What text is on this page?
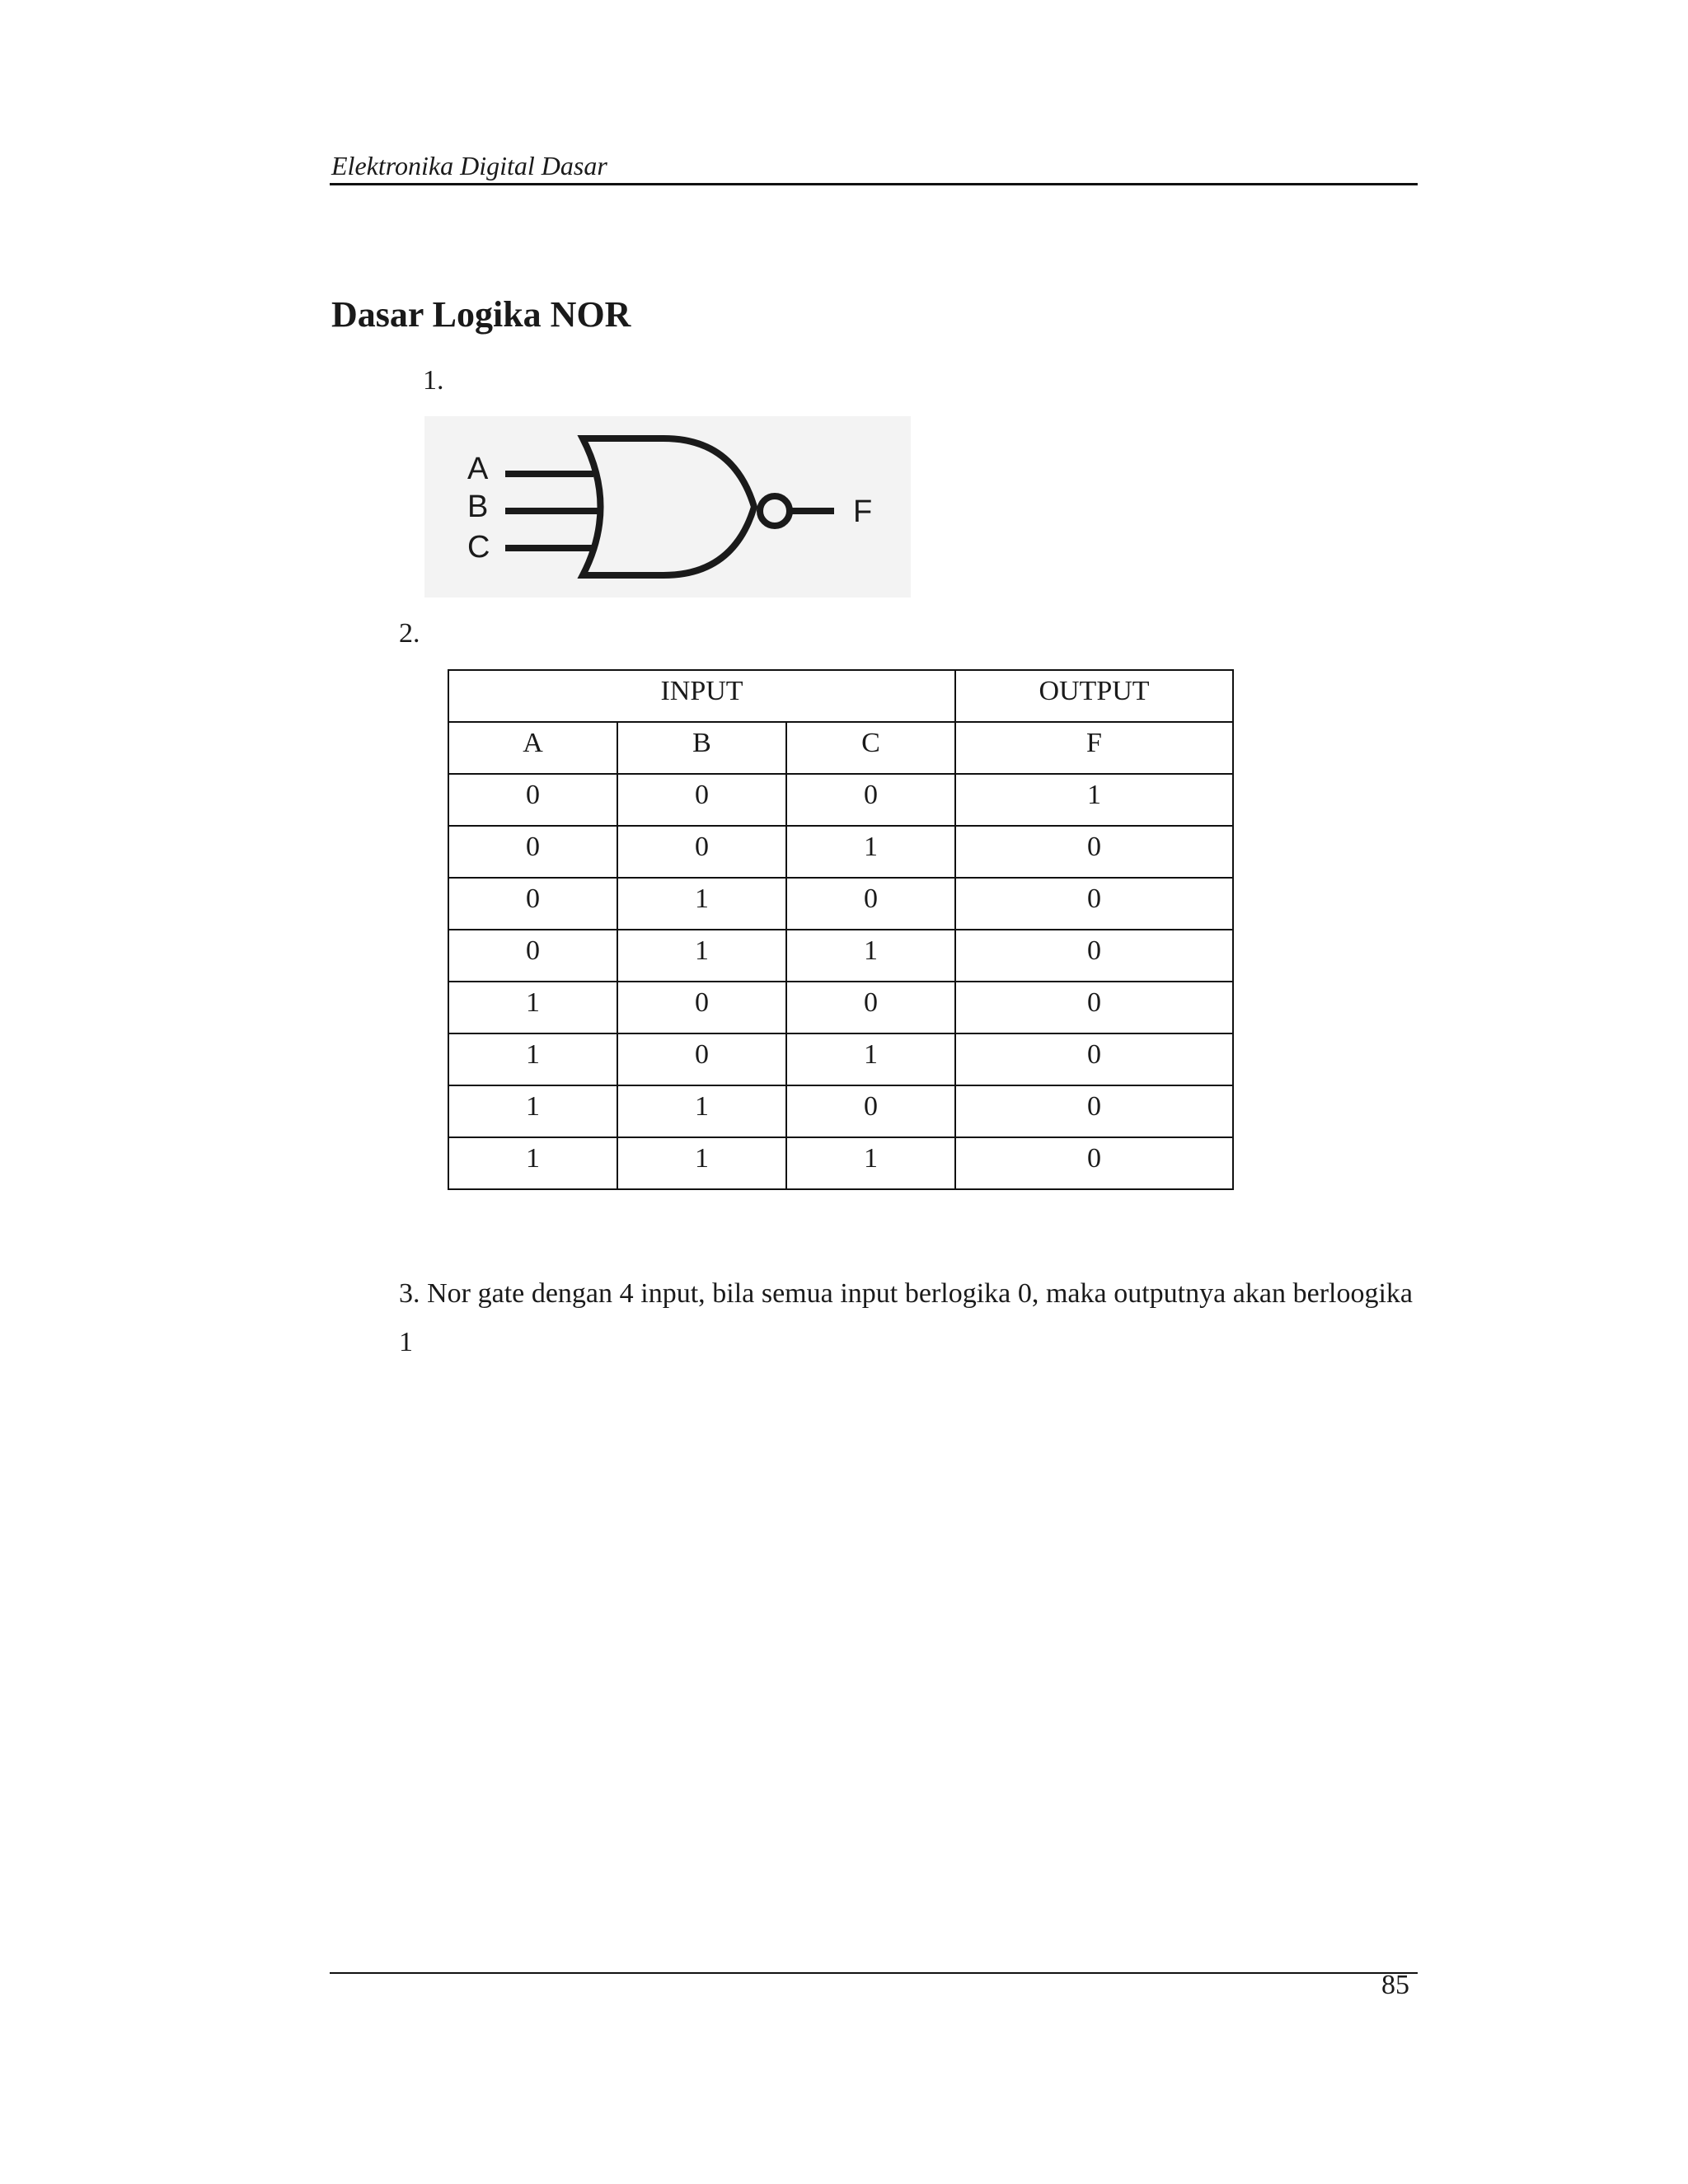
Elektronika Digital Dasar
Dasar Logika NOR
1.
A
B
C
F
2.
INPUT			OUTPUT
A	B	C	F
0	0	0	1
0	0	1	0
0	1	0	0
0	1	1	0
1	0	0	0
1	0	1	0
1	1	0	0
1	1	1	0
3. Nor gate dengan 4 input, bila semua input berlogika 0, maka outputnya akan berloogika 1
85
